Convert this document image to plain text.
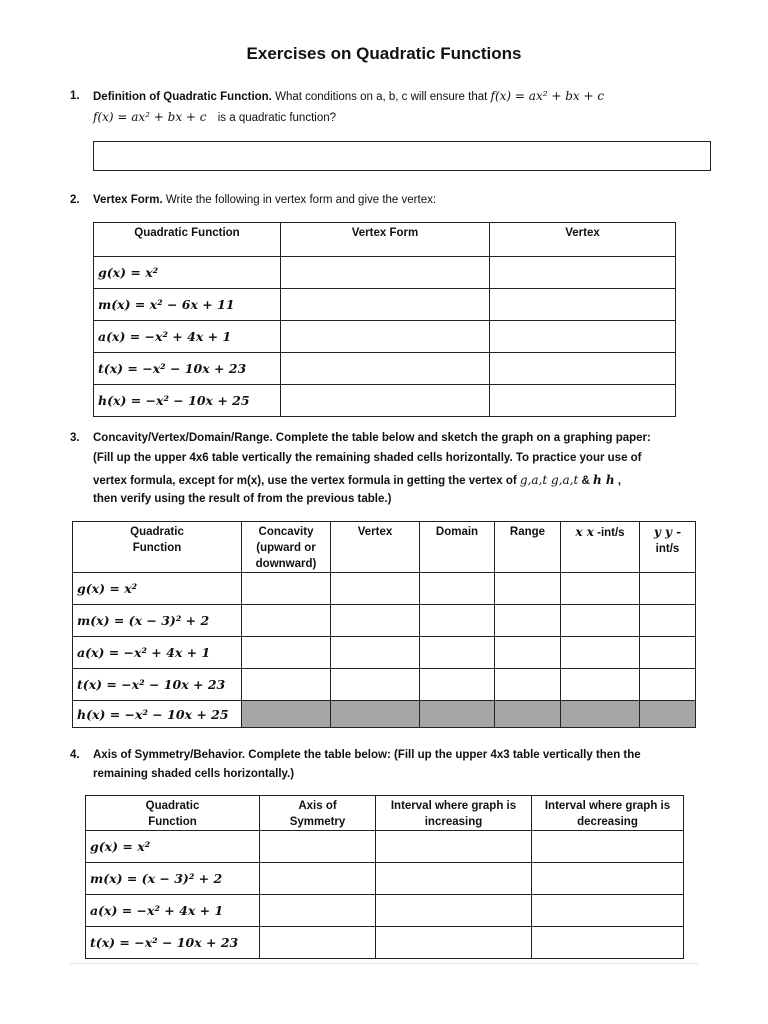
Exercises on Quadratic Functions
1. Definition of Quadratic Function. What conditions on a, b, c will ensure that f(x) = ax² + bx + c
f(x) = ax² + bx + c is a quadratic function?
2. Vertex Form. Write the following in vertex form and give the vertex:
Quadratic Function	Vertex Form	Vertex
g(x) = x²		
m(x) = x² − 6x + 11		
a(x) = −x² + 4x + 1		
t(x) = −x² − 10x + 23		
h(x) = −x² − 10x + 25		
3. Concavity/Vertex/Domain/Range. Complete the table below and sketch the graph on a graphing paper:
(Fill up the upper 4x6 table vertically the remaining shaded cells horizontally. To practice your use of
vertex formula, except for m(x), use the vertex formula in getting the vertex of g,a,t g,a,t & h h ,
then verify using the result of from the previous table.)
Quadratic Function	Concavity (upward or downward)	Vertex	Domain	Range	x x -int/s	y y -
int/s
g(x) = x²						
m(x) = (x − 3)² + 2						
a(x) = −x² + 4x + 1						
t(x) = −x² − 10x + 23						
h(x) = −x² − 10x + 25						
4. Axis of Symmetry/Behavior. Complete the table below: (Fill up the upper 4x3 table vertically then the
remaining shaded cells horizontally.)
Quadratic Function	Axis of Symmetry	Interval where graph is increasing	Interval where graph is decreasing
g(x) = x²			
m(x) = (x − 3)² + 2			
a(x) = −x² + 4x + 1			
t(x) = −x² − 10x + 23			
